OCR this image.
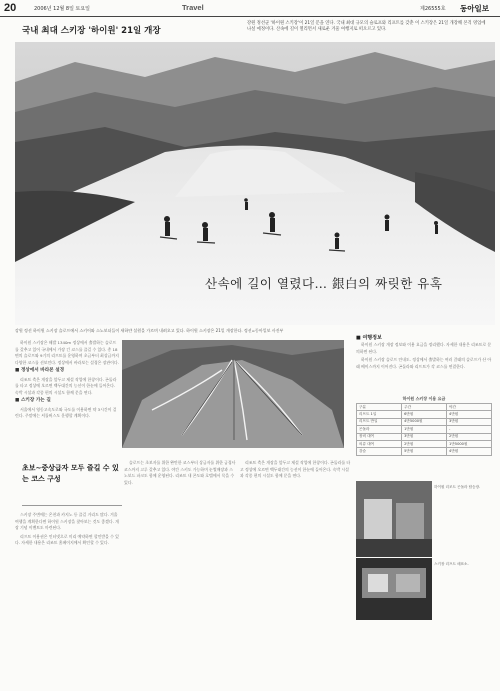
20	2006년 12월 8일 토요일	Travel	제26555호 동아일보
국내 최대 스키장 '하이원' 21일 개장
강원 정선군 '하이원 스키장'이 21일 문을 연다. 국내 최대 규모의 슬로프와 리프트를 갖춘 이 스키장은 21일 개장해 본격 영업에 나설 예정이다. 산속에 길이 열리면서 새로운 겨울 여행지로 떠오르고 있다.
산속에 길이 열렸다… 銀白의 짜릿한 유혹
강원 정선 하이원 스키장 슬로프에서 스키어와 스노보더들이 새하얀 설원을 가르며 내려오고 있다. 하이원 스키장은 21일 개장한다. 정선=동아일보 사진부

하이원 스키장은 해발 1340m 정상에서 출발하는 슬로프를 갖추고 있어 국내에서 가장 긴 코스를 즐길 수 있다. 총 18면의 슬로프와 9기의 리프트를 운영하며 초급부터 최상급까지 다양한 코스를 선보인다. 정상에서 바라보는 설경은 장관이다.

■ 정상에서 바라본 설경

리조트 측은 개장을 앞두고 제설 작업에 한창이다. 곤돌라를 타고 정상에 오르면 백두대간의 능선이 한눈에 들어온다. 숙박 시설과 각종 편의 시설도 함께 문을 연다.

■ 스키장 가는 길

서울에서 영동고속도로와 국도를 이용하면 약 3시간이 걸린다. 주말에는 셔틀버스도 운행할 계획이다.

■ 여행정보

하이원 스키장 개장 정보와 이용 요금을 정리했다. 자세한 내용은 리조트로 문의하면 된다.

하이원 스키장 슬로프 안내도. 정상에서 출발하는 여러 갈래의 슬로프가 산 아래 베이스까지 이어진다. 곤돌라와 리프트가 각 코스를 연결한다.

하이원 스키장 이용 요금
구분	주간	야간
리프트 1일	6만원	4만원
리프트 반일	4만5000원	3만원
곤돌라	1만원	-
장비 대여	3만원	2만원
의류 대여	2만원	1만5000원
강습	5만원	4만원
초보~중상급자 모두 즐길 수 있는 코스 구성

스키장 주변에는 온천과 카지노 등 즐길 거리도 많다. 겨울 여행을 계획한다면 하이원 스키장을 찾아보는 것도 좋겠다. 개장 기념 이벤트도 마련된다.

리프트 이용권은 인터넷으로 미리 예약하면 할인받을 수 있다. 자세한 내용은 리조트 홈페이지에서 확인할 수 있다.

슬로프는 초보자를 위한 완만한 코스부터 상급자를 위한 급경사 코스까지 고루 갖추고 있다. 야간 스키도 가능하며 눈썰매장과 스노보드 파크도 함께 운영된다. 리조트 내 콘도와 호텔에서 묵을 수 있다.

리조트 측은 개장을 앞두고 제설 작업에 한창이다. 곤돌라를 타고 정상에 오르면 백두대간의 능선이 한눈에 들어온다. 숙박 시설과 각종 편의 시설도 함께 문을 연다.

하이원 리조트 곤돌라 탑승장.
스키장 리프트 매표소.
